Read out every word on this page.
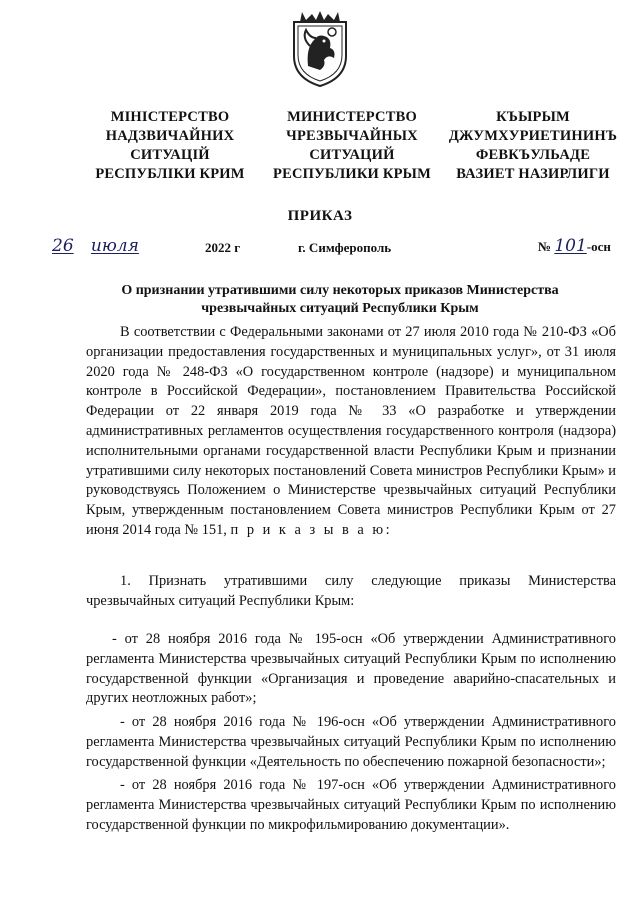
МІНІСТЕРСТВО
НАДЗВИЧАЙНИХ
СИТУАЦІЙ
РЕСПУБЛІКИ КРИМ
МИНИСТЕРСТВО
ЧРЕЗВЫЧАЙНЫХ
СИТУАЦИЙ
РЕСПУБЛИКИ КРЫМ
КЪЫРЫМ
ДЖУМХУРИЕТИНИНЪ
ФЕВКЪУЛЬАДЕ
ВАЗИЕТ НАЗИРЛИГИ
ПРИКАЗ
26 июля	2022 г	г. Симферополь	№ 101-осн
О признании утратившими силу некоторых приказов Министерства чрезвычайных ситуаций Республики Крым
В соответствии с Федеральными законами от 27 июля 2010 года № 210-ФЗ «Об организации предоставления государственных и муниципальных услуг», от 31 июля 2020 года № 248-ФЗ «О государственном контроле (надзоре) и муниципальном контроле в Российской Федерации», постановлением Правительства Российской Федерации от 22 января 2019 года № 33 «О разработке и утверждении административных регламентов осуществления государственного контроля (надзора) исполнительными органами государственной власти Республики Крым и признании утратившими силу некоторых постановлений Совета министров Республики Крым» и руководствуясь Положением о Министерстве чрезвычайных ситуаций Республики Крым, утвержденным постановлением Совета министров Республики Крым от 27 июня 2014 года № 151, п р и к а з ы в а ю:
1. Признать утратившими силу следующие приказы Министерства чрезвычайных ситуаций Республики Крым:
- от 28 ноября 2016 года № 195-осн «Об утверждении Административного регламента Министерства чрезвычайных ситуаций Республики Крым по исполнению государственной функции «Организация и проведение аварийно-спасательных и других неотложных работ»;
- от 28 ноября 2016 года № 196-осн «Об утверждении Административного регламента Министерства чрезвычайных ситуаций Республики Крым по исполнению государственной функции «Деятельность по обеспечению пожарной безопасности»;
- от 28 ноября 2016 года № 197-осн «Об утверждении Административного регламента Министерства чрезвычайных ситуаций Республики Крым по исполнению государственной функции по микрофильмированию документации».
